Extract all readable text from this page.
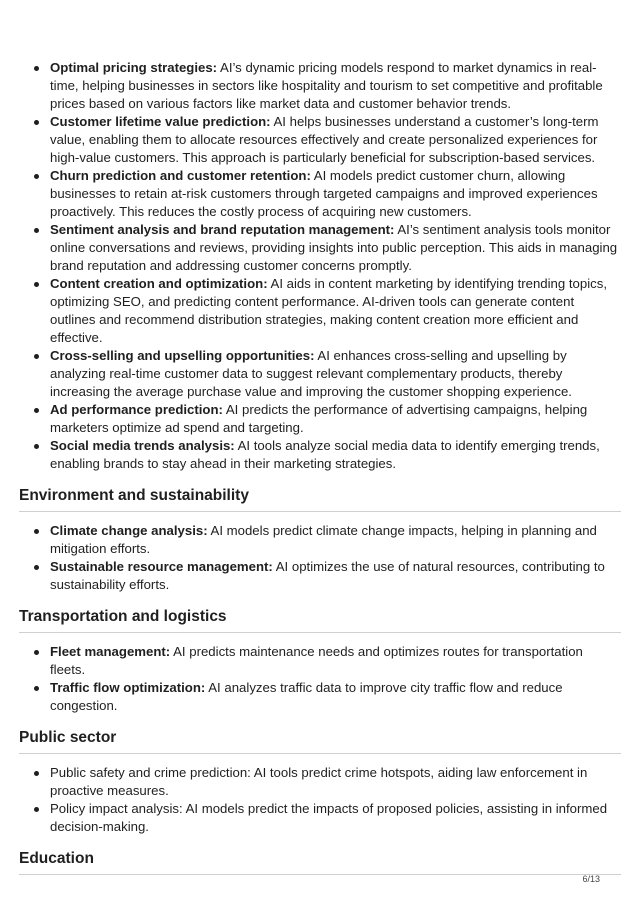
Optimal pricing strategies: AI’s dynamic pricing models respond to market dynamics in real-time, helping businesses in sectors like hospitality and tourism to set competitive and profitable prices based on various factors like market data and customer behavior trends.
Customer lifetime value prediction: AI helps businesses understand a customer’s long-term value, enabling them to allocate resources effectively and create personalized experiences for high-value customers. This approach is particularly beneficial for subscription-based services.
Churn prediction and customer retention: AI models predict customer churn, allowing businesses to retain at-risk customers through targeted campaigns and improved experiences proactively. This reduces the costly process of acquiring new customers.
Sentiment analysis and brand reputation management: AI’s sentiment analysis tools monitor online conversations and reviews, providing insights into public perception. This aids in managing brand reputation and addressing customer concerns promptly.
Content creation and optimization: AI aids in content marketing by identifying trending topics, optimizing SEO, and predicting content performance. AI-driven tools can generate content outlines and recommend distribution strategies, making content creation more efficient and effective.
Cross-selling and upselling opportunities: AI enhances cross-selling and upselling by analyzing real-time customer data to suggest relevant complementary products, thereby increasing the average purchase value and improving the customer shopping experience.
Ad performance prediction: AI predicts the performance of advertising campaigns, helping marketers optimize ad spend and targeting.
Social media trends analysis: AI tools analyze social media data to identify emerging trends, enabling brands to stay ahead in their marketing strategies.
Environment and sustainability
Climate change analysis: AI models predict climate change impacts, helping in planning and mitigation efforts.
Sustainable resource management: AI optimizes the use of natural resources, contributing to sustainability efforts.
Transportation and logistics
Fleet management: AI predicts maintenance needs and optimizes routes for transportation fleets.
Traffic flow optimization: AI analyzes traffic data to improve city traffic flow and reduce congestion.
Public sector
Public safety and crime prediction: AI tools predict crime hotspots, aiding law enforcement in proactive measures.
Policy impact analysis: AI models predict the impacts of proposed policies, assisting in informed decision-making.
Education
6/13
